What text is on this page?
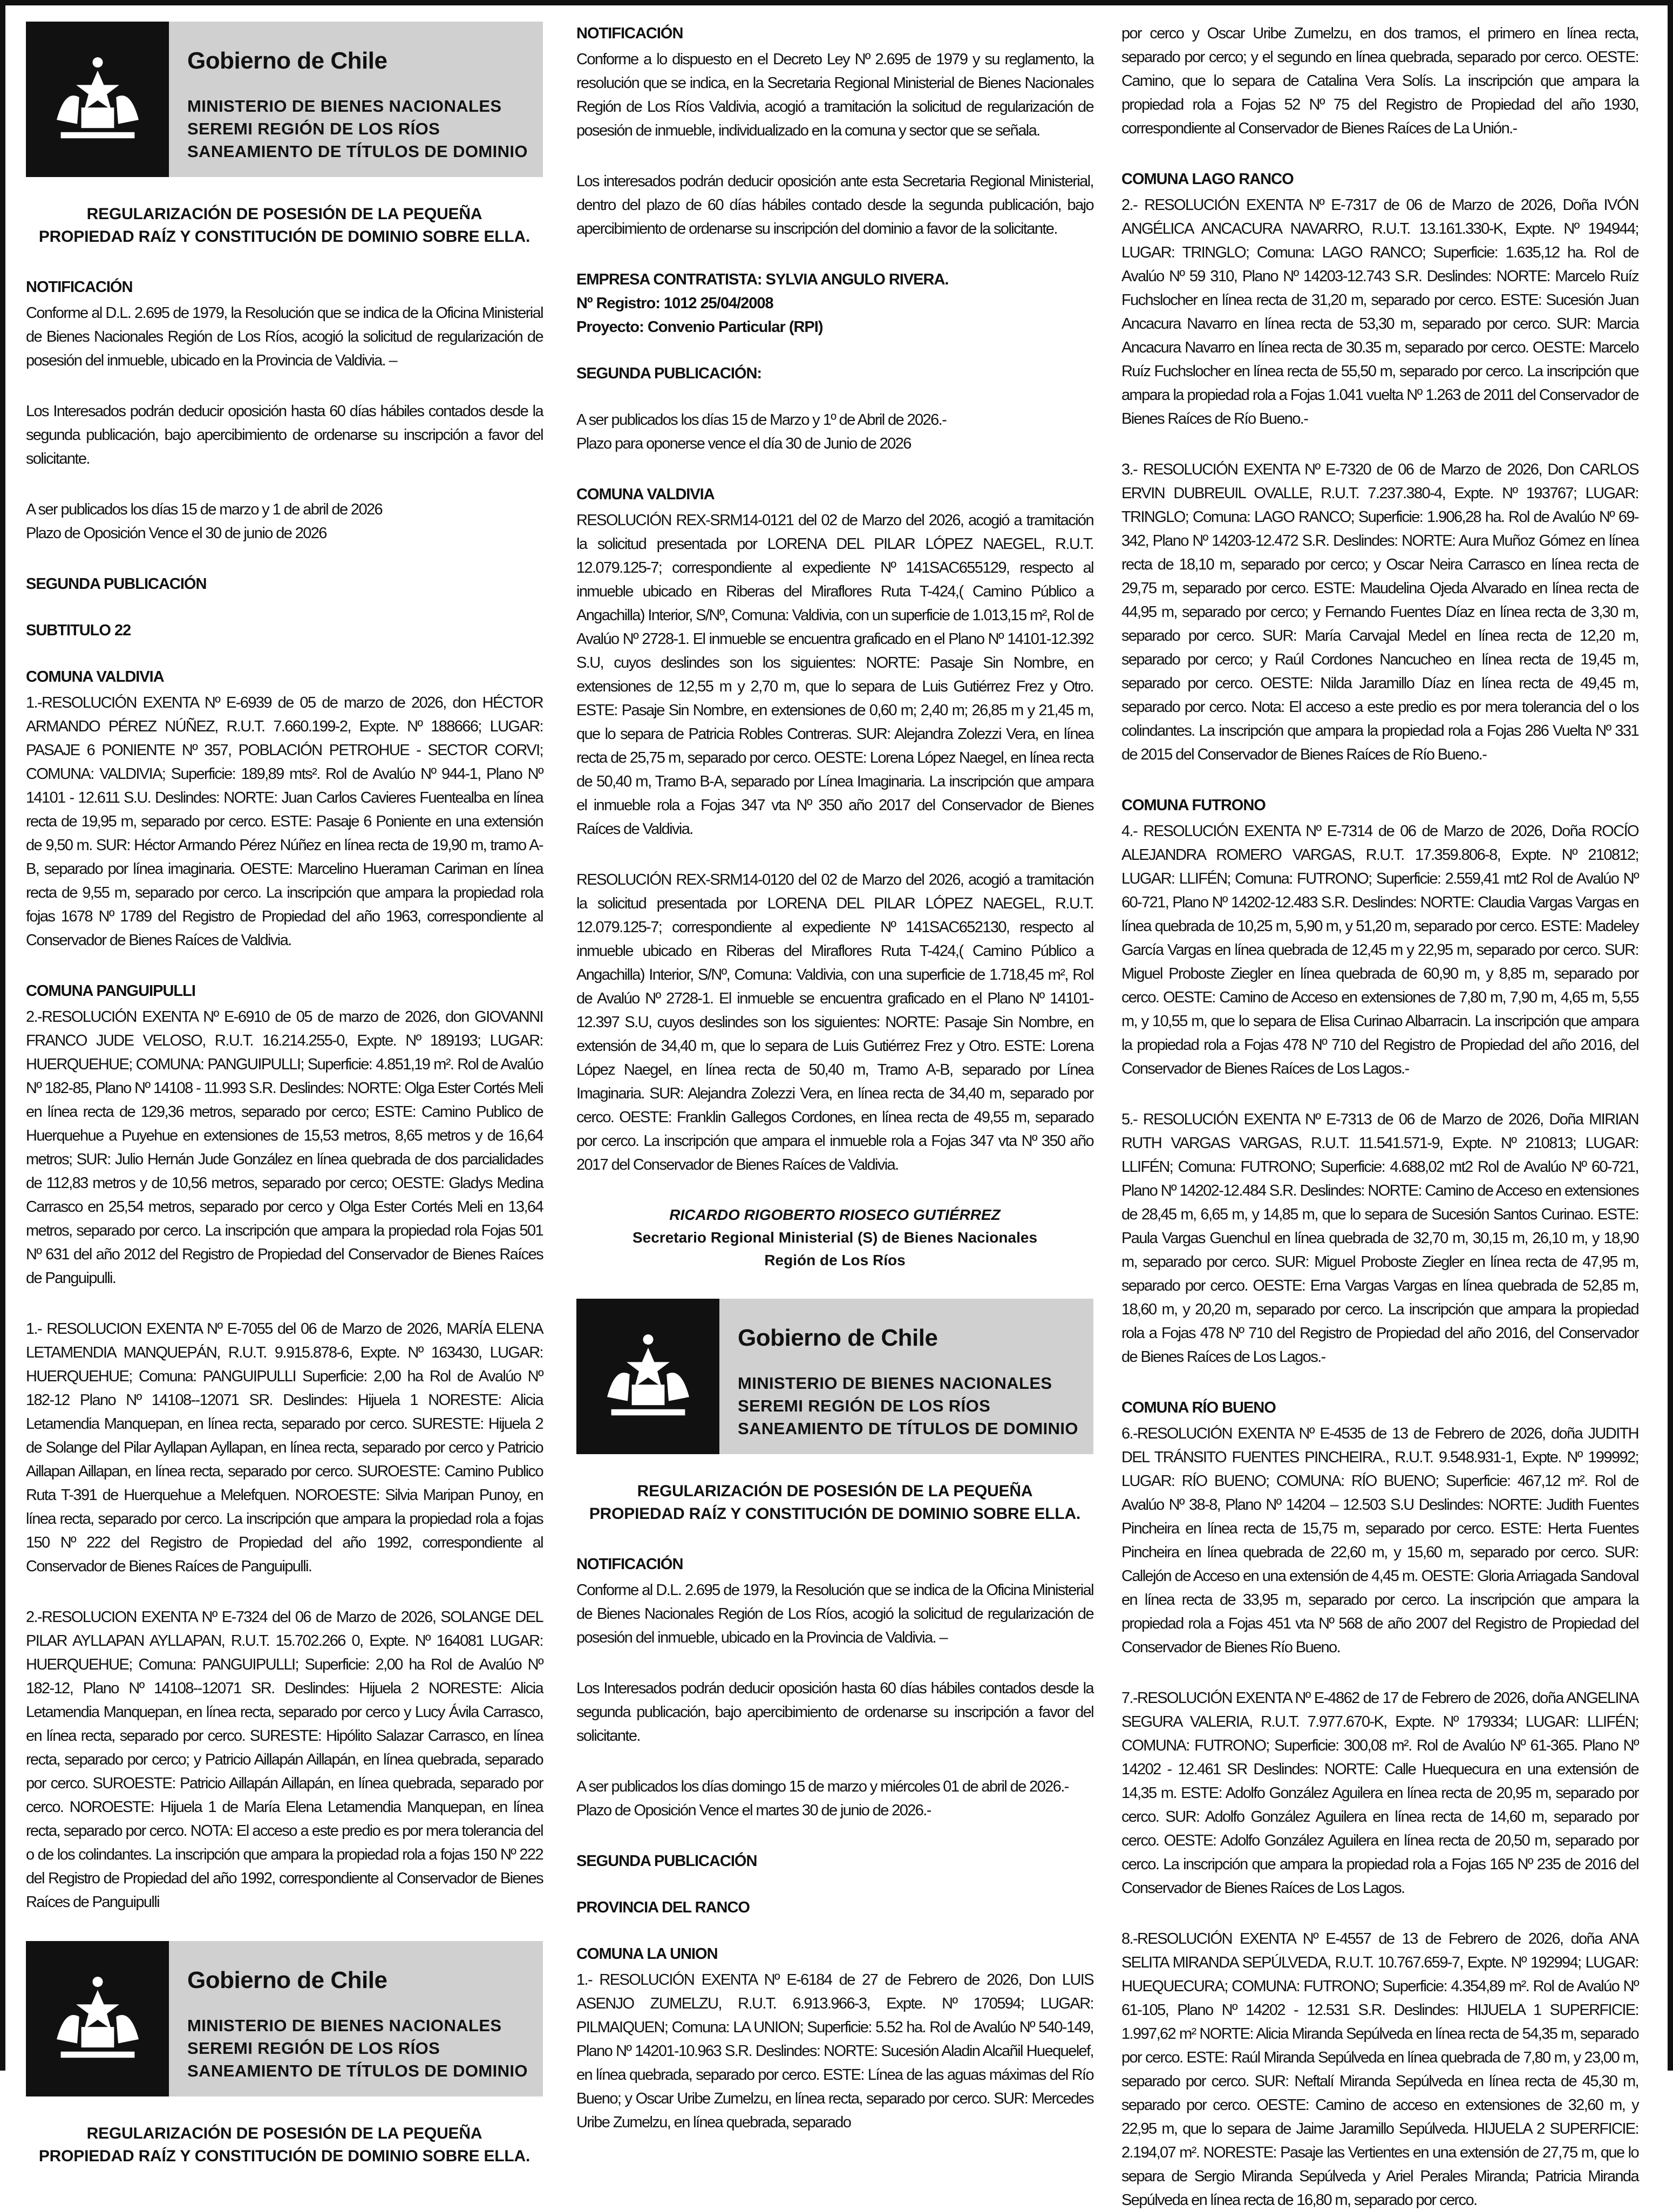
Gobierno de Chile
MINISTERIO DE BIENES NACIONALES
SEREMI REGIÓN DE LOS RÍOS
SANEAMIENTO DE TÍTULOS DE DOMINIO
REGULARIZACIÓN DE POSESIÓN DE LA PEQUEÑA
PROPIEDAD RAÍZ Y CONSTITUCIÓN DE DOMINIO SOBRE ELLA.
NOTIFICACIÓN

Conforme al D.L. 2.695 de 1979, la Resolución que se indica de la Oficina Ministerial de Bienes Nacionales Región de Los Ríos, acogió la solicitud de regularización de posesión del inmueble, ubicado en la Provincia de Valdivia. –

Los Interesados podrán deducir oposición hasta 60 días hábiles contados desde la segunda publicación, bajo apercibimiento de ordenarse su inscripción a favor del solicitante.

A ser publicados los días 15 de marzo y 1 de abril de 2026

Plazo de Oposición Vence el 30 de junio de 2026

SEGUNDA PUBLICACIÓN
SUBTITULO 22
COMUNA VALDIVIA

1.-RESOLUCIÓN EXENTA Nº E-6939 de 05 de marzo de 2026, don HÉCTOR ARMANDO PÉREZ NÚÑEZ, R.U.T. 7.660.199-2, Expte. Nº 188666; LUGAR: PASAJE 6 PONIENTE Nº 357, POBLACIÓN PETROHUE - SECTOR CORVI; COMUNA: VALDIVIA; Superficie: 189,89 mts². Rol de Avalúo Nº 944-1, Plano Nº 14101 - 12.611 S.U. Deslindes: NORTE: Juan Carlos Cavieres Fuentealba en línea recta de 19,95 m, separado por cerco. ESTE: Pasaje 6 Poniente en una extensión de 9,50 m. SUR: Héctor Armando Pérez Núñez en línea recta de 19,90 m, tramo A-B, separado por línea imaginaria. OESTE: Marcelino Hueraman Cariman en línea recta de 9,55 m, separado por cerco. La inscripción que ampara la propiedad rola fojas 1678 Nº 1789 del Registro de Propiedad del año 1963, correspondiente al Conservador de Bienes Raíces de Valdivia.

COMUNA PANGUIPULLI

2.-RESOLUCIÓN EXENTA Nº E-6910 de 05 de marzo de 2026, don GIOVANNI FRANCO JUDE VELOSO, R.U.T. 16.214.255-0, Expte. Nº 189193; LUGAR: HUERQUEHUE; COMUNA: PANGUIPULLI; Superficie: 4.851,19 m². Rol de Avalúo Nº 182-85, Plano Nº 14108 - 11.993 S.R. Deslindes: NORTE: Olga Ester Cortés Meli en línea recta de 129,36 metros, separado por cerco; ESTE: Camino Publico de Huerquehue a Puyehue en extensiones de 15,53 metros, 8,65 metros y de 16,64 metros; SUR: Julio Hernán Jude González en línea quebrada de dos parcialidades de 112,83 metros y de 10,56 metros, separado por cerco; OESTE: Gladys Medina Carrasco en 25,54 metros, separado por cerco y Olga Ester Cortés Meli en 13,64 metros, separado por cerco. La inscripción que ampara la propiedad rola Fojas 501 Nº 631 del año 2012 del Registro de Propiedad del Conservador de Bienes Raíces de Panguipulli.

1.- RESOLUCION EXENTA Nº E-7055 del 06 de Marzo de 2026, MARÍA ELENA LETAMENDIA MANQUEPÁN, R.U.T. 9.915.878-6, Expte. Nº 163430, LUGAR: HUERQUEHUE; Comuna: PANGUIPULLI Superficie: 2,00 ha Rol de Avalúo Nº 182-12 Plano Nº 14108--12071 SR. Deslindes: Hijuela 1 NORESTE: Alicia Letamendia Manquepan, en línea recta, separado por cerco. SURESTE: Hijuela 2 de Solange del Pilar Ayllapan Ayllapan, en línea recta, separado por cerco y Patricio Aillapan Aillapan, en línea recta, separado por cerco. SUROESTE: Camino Publico Ruta T-391 de Huerquehue a Melefquen. NOROESTE: Silvia Maripan Punoy, en línea recta, separado por cerco. La inscripción que ampara la propiedad rola a fojas 150 Nº 222 del Registro de Propiedad del año 1992, correspondiente al Conservador de Bienes Raíces de Panguipulli.

2.-RESOLUCION EXENTA Nº E-7324 del 06 de Marzo de 2026, SOLANGE DEL PILAR AYLLAPAN AYLLAPAN, R.U.T. 15.702.266 0, Expte. Nº 164081 LUGAR: HUERQUEHUE; Comuna: PANGUIPULLI; Superficie: 2,00 ha Rol de Avalúo Nº 182-12, Plano Nº 14108--12071 SR. Deslindes: Hijuela 2 NORESTE: Alicia Letamendia Manquepan, en línea recta, separado por cerco y Lucy Ávila Carrasco, en línea recta, separado por cerco. SURESTE: Hipólito Salazar Carrasco, en línea recta, separado por cerco; y Patricio Aillapán Aillapán, en línea quebrada, separado por cerco. SUROESTE: Patricio Aillapán Aillapán, en línea quebrada, separado por cerco. NOROESTE: Hijuela 1 de María Elena Letamendia Manquepan, en línea recta, separado por cerco. NOTA: El acceso a este predio es por mera tolerancia del o de los colindantes. La inscripción que ampara la propiedad rola a fojas 150 Nº 222 del Registro de Propiedad del año 1992, correspondiente al Conservador de Bienes Raíces de Panguipulli

Gobierno de Chile
MINISTERIO DE BIENES NACIONALES
SEREMI REGIÓN DE LOS RÍOS
SANEAMIENTO DE TÍTULOS DE DOMINIO
REGULARIZACIÓN DE POSESIÓN DE LA PEQUEÑA
PROPIEDAD RAÍZ Y CONSTITUCIÓN DE DOMINIO SOBRE ELLA.
NOTIFICACIÓN

Conforme a lo dispuesto en el Decreto Ley Nº 2.695 de 1979 y su reglamento, la resolución que se indica, en la Secretaria Regional Ministerial de Bienes Nacionales Región de Los Ríos Valdivia, acogió a tramitación la solicitud de regularización de posesión de inmueble, individualizado en la comuna y sector que se señala.

Los interesados podrán deducir oposición ante esta Secretaria Regional Ministerial, dentro del plazo de 60 días hábiles contado desde la segunda publicación, bajo apercibimiento de ordenarse su inscripción del dominio a favor de la solicitante.

EMPRESA CONTRATISTA: SYLVIA ANGULO RIVERA.
Nº Registro: 1012 25/04/2008
Proyecto: Convenio Particular (RPI)
SEGUNDA PUBLICACIÓN:

A ser publicados los días 15 de Marzo y 1º de Abril de 2026.-

Plazo para oponerse vence el día 30 de Junio de 2026

COMUNA VALDIVIA

RESOLUCIÓN REX-SRM14-0121 del 02 de Marzo del 2026, acogió a tramitación la solicitud presentada por LORENA DEL PILAR LÓPEZ NAEGEL, R.U.T. 12.079.125-7; correspondiente al expediente Nº 141SAC655129, respecto al inmueble ubicado en Riberas del Miraflores Ruta T-424,( Camino Público a Angachilla) Interior, S/Nº, Comuna: Valdivia, con un superficie de 1.013,15 m², Rol de Avalúo Nº 2728-1. El inmueble se encuentra graficado en el Plano Nº 14101-12.392 S.U, cuyos deslindes son los siguientes: NORTE: Pasaje Sin Nombre, en extensiones de 12,55 m y 2,70 m, que lo separa de Luis Gutiérrez Frez y Otro. ESTE: Pasaje Sin Nombre, en extensiones de 0,60 m; 2,40 m; 26,85 m y 21,45 m, que lo separa de Patricia Robles Contreras. SUR: Alejandra Zolezzi Vera, en línea recta de 25,75 m, separado por cerco. OESTE: Lorena López Naegel, en línea recta de 50,40 m, Tramo B-A, separado por Línea Imaginaria. La inscripción que ampara el inmueble rola a Fojas 347 vta Nº 350 año 2017 del Conservador de Bienes Raíces de Valdivia.

RESOLUCIÓN REX-SRM14-0120 del 02 de Marzo del 2026, acogió a tramitación la solicitud presentada por LORENA DEL PILAR LÓPEZ NAEGEL, R.U.T. 12.079.125-7; correspondiente al expediente Nº 141SAC652130, respecto al inmueble ubicado en Riberas del Miraflores Ruta T-424,( Camino Público a Angachilla) Interior, S/Nº, Comuna: Valdivia, con una superficie de 1.718,45 m², Rol de Avalúo Nº 2728-1. El inmueble se encuentra graficado en el Plano Nº 14101-12.397 S.U, cuyos deslindes son los siguientes: NORTE: Pasaje Sin Nombre, en extensión de 34,40 m, que lo separa de Luis Gutiérrez Frez y Otro. ESTE: Lorena López Naegel, en línea recta de 50,40 m, Tramo A-B, separado por Línea Imaginaria. SUR: Alejandra Zolezzi Vera, en línea recta de 34,40 m, separado por cerco. OESTE: Franklin Gallegos Cordones, en línea recta de 49,55 m, separado por cerco. La inscripción que ampara el inmueble rola a Fojas 347 vta Nº 350 año 2017 del Conservador de Bienes Raíces de Valdivia.

RICARDO RIGOBERTO RIOSECO GUTIÉRREZ
Secretario Regional Ministerial (S) de Bienes Nacionales
Región de Los Ríos
Gobierno de Chile
MINISTERIO DE BIENES NACIONALES
SEREMI REGIÓN DE LOS RÍOS
SANEAMIENTO DE TÍTULOS DE DOMINIO
REGULARIZACIÓN DE POSESIÓN DE LA PEQUEÑA
PROPIEDAD RAÍZ Y CONSTITUCIÓN DE DOMINIO SOBRE ELLA.
NOTIFICACIÓN

Conforme al D.L. 2.695 de 1979, la Resolución que se indica de la Oficina Ministerial de Bienes Nacionales Región de Los Ríos, acogió la solicitud de regularización de posesión del inmueble, ubicado en la Provincia de Valdivia. –

Los Interesados podrán deducir oposición hasta 60 días hábiles contados desde la segunda publicación, bajo apercibimiento de ordenarse su inscripción a favor del solicitante.

A ser publicados los días domingo 15 de marzo y miércoles 01 de abril de 2026.-

Plazo de Oposición Vence el martes 30 de junio de 2026.-

SEGUNDA PUBLICACIÓN
PROVINCIA DEL RANCO
COMUNA LA UNION

1.- RESOLUCIÓN EXENTA Nº E-6184 de 27 de Febrero de 2026, Don LUIS ASENJO ZUMELZU, R.U.T. 6.913.966-3, Expte. Nº 170594; LUGAR: PILMAIQUEN; Comuna: LA UNION; Superficie: 5.52 ha. Rol de Avalúo Nº 540-149, Plano Nº 14201-10.963 S.R. Deslindes: NORTE: Sucesión Aladin Alcañil Huequelef, en línea quebrada, separado por cerco. ESTE: Línea de las aguas máximas del Río Bueno; y Oscar Uribe Zumelzu, en línea recta, separado por cerco. SUR: Mercedes Uribe Zumelzu, en línea quebrada, separado

por cerco y Oscar Uribe Zumelzu, en dos tramos, el primero en línea recta, separado por cerco; y el segundo en línea quebrada, separado por cerco. OESTE: Camino, que lo separa de Catalina Vera Solís. La inscripción que ampara la propiedad rola a Fojas 52 Nº 75 del Registro de Propiedad del año 1930, correspondiente al Conservador de Bienes Raíces de La Unión.-

COMUNA LAGO RANCO

2.- RESOLUCIÓN EXENTA Nº E-7317 de 06 de Marzo de 2026, Doña IVÓN ANGÉLICA ANCACURA NAVARRO, R.U.T. 13.161.330-K, Expte. Nº 194944; LUGAR: TRINGLO; Comuna: LAGO RANCO; Superficie: 1.635,12 ha. Rol de Avalúo Nº 59 310, Plano Nº 14203-12.743 S.R. Deslindes: NORTE: Marcelo Ruíz Fuchslocher en línea recta de 31,20 m, separado por cerco. ESTE: Sucesión Juan Ancacura Navarro en línea recta de 53,30 m, separado por cerco. SUR: Marcia Ancacura Navarro en línea recta de 30.35 m, separado por cerco. OESTE: Marcelo Ruíz Fuchslocher en línea recta de 55,50 m, separado por cerco. La inscripción que ampara la propiedad rola a Fojas 1.041 vuelta Nº 1.263 de 2011 del Conservador de Bienes Raíces de Río Bueno.-

3.- RESOLUCIÓN EXENTA Nº E-7320 de 06 de Marzo de 2026, Don CARLOS ERVIN DUBREUIL OVALLE, R.U.T. 7.237.380-4, Expte. Nº 193767; LUGAR: TRINGLO; Comuna: LAGO RANCO; Superficie: 1.906,28 ha. Rol de Avalúo Nº 69-342, Plano Nº 14203-12.472 S.R. Deslindes: NORTE: Aura Muñoz Gómez en línea recta de 18,10 m, separado por cerco; y Oscar Neira Carrasco en línea recta de 29,75 m, separado por cerco. ESTE: Maudelina Ojeda Alvarado en línea recta de 44,95 m, separado por cerco; y Fernando Fuentes Díaz en línea recta de 3,30 m, separado por cerco. SUR: María Carvajal Medel en línea recta de 12,20 m, separado por cerco; y Raúl Cordones Nancucheo en línea recta de 19,45 m, separado por cerco. OESTE: Nilda Jaramillo Díaz en línea recta de 49,45 m, separado por cerco. Nota: El acceso a este predio es por mera tolerancia del o los colindantes. La inscripción que ampara la propiedad rola a Fojas 286 Vuelta Nº 331 de 2015 del Conservador de Bienes Raíces de Río Bueno.-

COMUNA FUTRONO

4.- RESOLUCIÓN EXENTA Nº E-7314 de 06 de Marzo de 2026, Doña ROCÍO ALEJANDRA ROMERO VARGAS, R.U.T. 17.359.806-8, Expte. Nº 210812; LUGAR: LLIFÉN; Comuna: FUTRONO; Superficie: 2.559,41 mt2 Rol de Avalúo Nº 60-721, Plano Nº 14202-12.483 S.R. Deslindes: NORTE: Claudia Vargas Vargas en línea quebrada de 10,25 m, 5,90 m, y 51,20 m, separado por cerco. ESTE: Madeley García Vargas en línea quebrada de 12,45 m y 22,95 m, separado por cerco. SUR: Miguel Proboste Ziegler en línea quebrada de 60,90 m, y 8,85 m, separado por cerco. OESTE: Camino de Acceso en extensiones de 7,80 m, 7,90 m, 4,65 m, 5,55 m, y 10,55 m, que lo separa de Elisa Curinao Albarracin. La inscripción que ampara la propiedad rola a Fojas 478 Nº 710 del Registro de Propiedad del año 2016, del Conservador de Bienes Raíces de Los Lagos.-

5.- RESOLUCIÓN EXENTA Nº E-7313 de 06 de Marzo de 2026, Doña MIRIAN RUTH VARGAS VARGAS, R.U.T. 11.541.571-9, Expte. Nº 210813; LUGAR: LLIFÉN; Comuna: FUTRONO; Superficie: 4.688,02 mt2 Rol de Avalúo Nº 60-721, Plano Nº 14202-12.484 S.R. Deslindes: NORTE: Camino de Acceso en extensiones de 28,45 m, 6,65 m, y 14,85 m, que lo separa de Sucesión Santos Curinao. ESTE: Paula Vargas Guenchul en línea quebrada de 32,70 m, 30,15 m, 26,10 m, y 18,90 m, separado por cerco. SUR: Miguel Proboste Ziegler en línea recta de 47,95 m, separado por cerco. OESTE: Erna Vargas Vargas en línea quebrada de 52,85 m, 18,60 m, y 20,20 m, separado por cerco. La inscripción que ampara la propiedad rola a Fojas 478 Nº 710 del Registro de Propiedad del año 2016, del Conservador de Bienes Raíces de Los Lagos.-

COMUNA RÍO BUENO

6.-RESOLUCIÓN EXENTA Nº E-4535 de 13 de Febrero de 2026, doña JUDITH DEL TRÁNSITO FUENTES PINCHEIRA., R.U.T. 9.548.931-1, Expte. Nº 199992; LUGAR: RÍO BUENO; COMUNA: RÍO BUENO; Superficie: 467,12 m². Rol de Avalúo Nº 38-8, Plano Nº 14204 – 12.503 S.U Deslindes: NORTE: Judith Fuentes Pincheira en línea recta de 15,75 m, separado por cerco. ESTE: Herta Fuentes Pincheira en línea quebrada de 22,60 m, y 15,60 m, separado por cerco. SUR: Callejón de Acceso en una extensión de 4,45 m. OESTE: Gloria Arriagada Sandoval en línea recta de 33,95 m, separado por cerco. La inscripción que ampara la propiedad rola a Fojas 451 vta Nº 568 de año 2007 del Registro de Propiedad del Conservador de Bienes Río Bueno.

7.-RESOLUCIÓN EXENTA Nº E-4862 de 17 de Febrero de 2026, doña ANGELINA SEGURA VALERIA, R.U.T. 7.977.670-K, Expte. Nº 179334; LUGAR: LLIFÉN; COMUNA: FUTRONO; Superficie: 300,08 m². Rol de Avalúo Nº 61-365. Plano Nº 14202 - 12.461 SR Deslindes: NORTE: Calle Huequecura en una extensión de 14,35 m. ESTE: Adolfo González Aguilera en línea recta de 20,95 m, separado por cerco. SUR: Adolfo González Aguilera en línea recta de 14,60 m, separado por cerco. OESTE: Adolfo González Aguilera en línea recta de 20,50 m, separado por cerco. La inscripción que ampara la propiedad rola a Fojas 165 Nº 235 de 2016 del Conservador de Bienes Raíces de Los Lagos.

8.-RESOLUCIÓN EXENTA Nº E-4557 de 13 de Febrero de 2026, doña ANA SELITA MIRANDA SEPÚLVEDA, R.U.T. 10.767.659-7, Expte. Nº 192994; LUGAR: HUEQUECURA; COMUNA: FUTRONO; Superficie: 4.354,89 m². Rol de Avalúo Nº 61-105, Plano Nº 14202 - 12.531 S.R. Deslindes: HIJUELA 1 SUPERFICIE: 1.997,62 m² NORTE: Alicia Miranda Sepúlveda en línea recta de 54,35 m, separado por cerco. ESTE: Raúl Miranda Sepúlveda en línea quebrada de 7,80 m, y 23,00 m, separado por cerco. SUR: Neftalí Miranda Sepúlveda en línea recta de 45,30 m, separado por cerco. OESTE: Camino de acceso en extensiones de 32,60 m, y 22,95 m, que lo separa de Jaime Jaramillo Sepúlveda. HIJUELA 2 SUPERFICIE: 2.194,07 m². NORESTE: Pasaje las Vertientes en una extensión de 27,75 m, que lo separa de Sergio Miranda Sepúlveda y Ariel Perales Miranda; Patricia Miranda Sepúlveda en línea recta de 16,80 m, separado por cerco.
